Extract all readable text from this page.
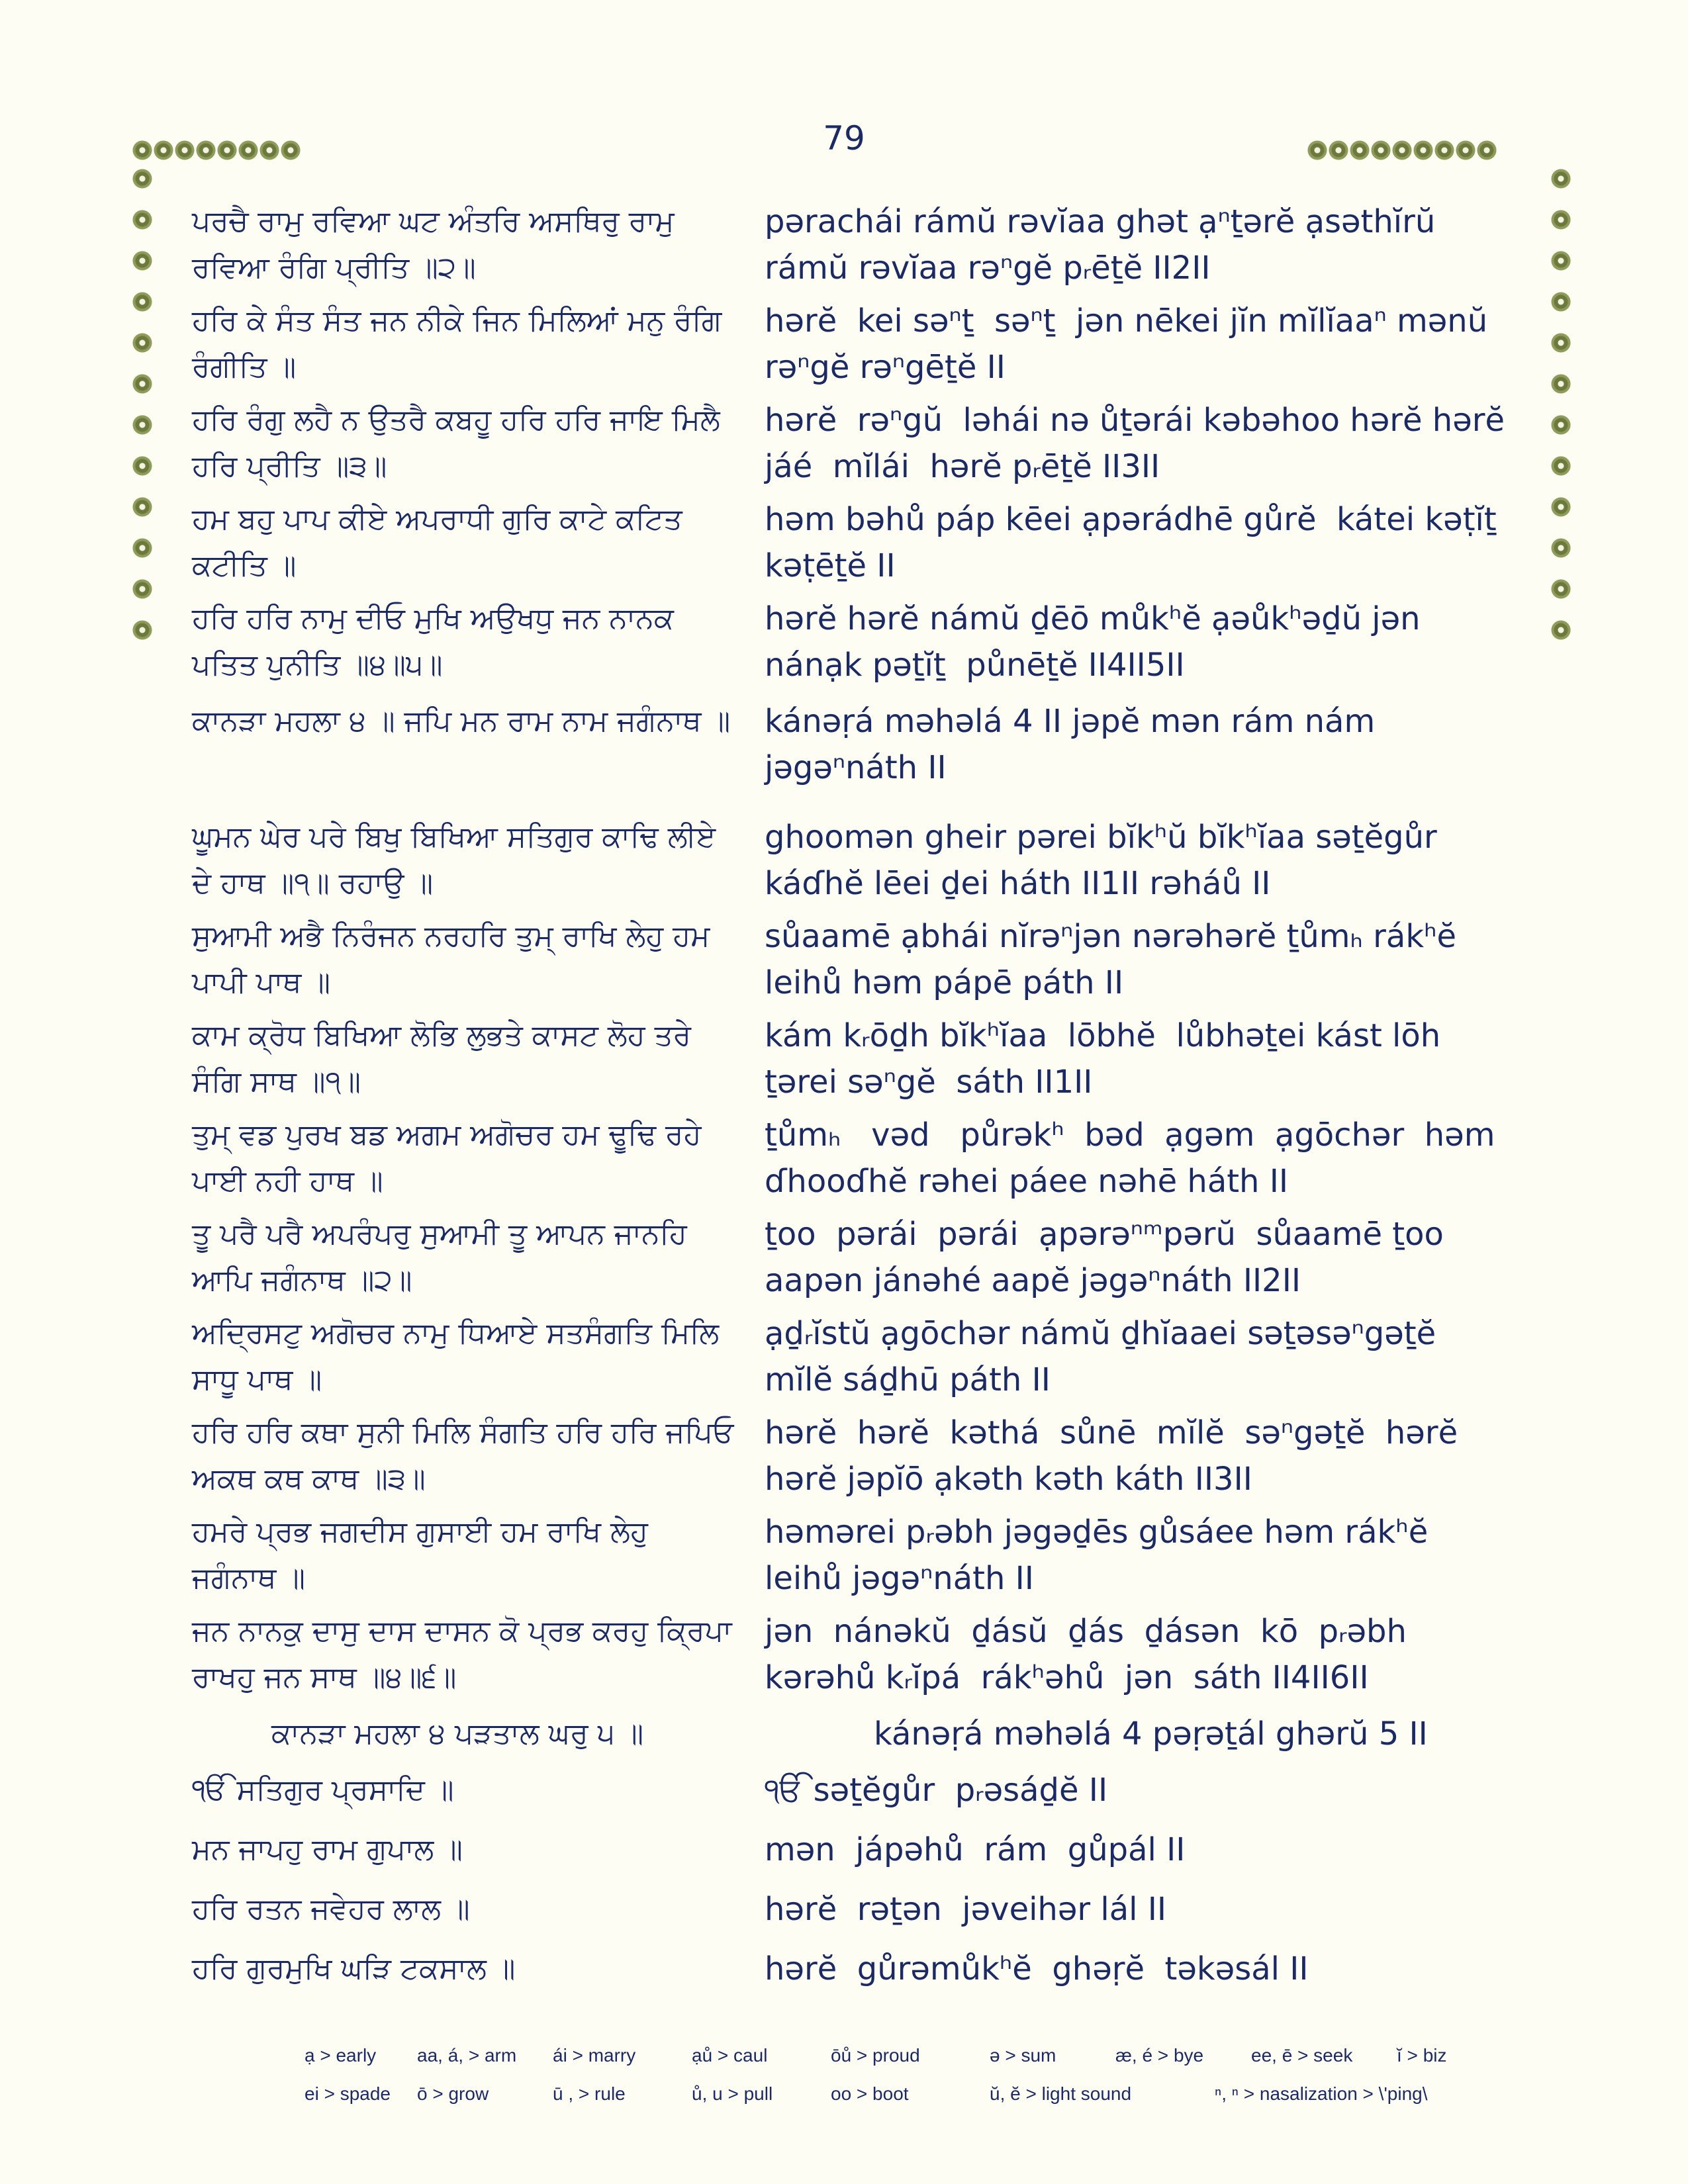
79
ਪਰਚੈ ਰਾਮੁ ਰਵਿਆ ਘਟ ਅੰਤਰਿ ਅਸਥਿਰੁ ਰਾਮੁ ਰਵਿਆ ਰੰਗਿ ਪ੍ਰੀਤਿ ॥੨॥
pərachái rámŭ rəvĭaa ghət ạⁿṯərĕ ạsəthĭrŭ rámŭ rəvĭaa rəⁿgĕ pᵣēṯĕ II2II
ਹਰਿ ਕੇ ਸੰਤ ਸੰਤ ਜਨ ਨੀਕੇ ਜਿਨ ਮਿਲਿਆਂ ਮਨੁ ਰੰਗਿ ਰੰਗੀਤਿ ॥
hərĕ  kei səⁿṯ  səⁿṯ  jən nēkei jĭn mĭlĭaaⁿ mənŭ rəⁿgĕ rəⁿgēṯĕ II
ਹਰਿ ਰੰਗੁ ਲਹੈ ਨ ਉਤਰੈ ਕਬਹੂ ਹਰਿ ਹਰਿ ਜਾਇ ਮਿਲੈ ਹਰਿ ਪ੍ਰੀਤਿ ॥੩॥
hərĕ  rəⁿgŭ  ləhái nə ůṯərái kəbəhoo hərĕ hərĕ jáé  mĭlái  hərĕ pᵣēṯĕ II3II
ਹਮ ਬਹੁ ਪਾਪ ਕੀਏ ਅਪਰਾਧੀ ਗੁਰਿ ਕਾਟੇ ਕਟਿਤ ਕਟੀਤਿ ॥
həm bəhů páp kēei ạpərádhē gůrĕ  kátei kəṭĭṯ kəṭēṯĕ II
ਹਰਿ ਹਰਿ ਨਾਮੁ ਦੀਓ ਮੁਖਿ ਅਉਖਧੁ ਜਨ ਨਾਨਕ ਪਤਿਤ ਪੁਨੀਤਿ ॥੪॥੫॥
hərĕ hərĕ námŭ ḏēō můkʰĕ ạəůkʰəḏŭ jən nánạk pəṯĭṯ  půnēṯĕ II4II5II
ਕਾਨੜਾ ਮਹਲਾ ੪ ॥ ਜਪਿ ਮਨ ਰਾਮ ਨਾਮ ਜਗੰਨਾਥ ॥ kánəṛá məhəlá 4 II jəpĕ mən rám nám jəgəⁿnáth II
ਘੂਮਨ ਘੇਰ ਪਰੇ ਬਿਖੁ ਬਿਖਿਆ ਸਤਿਗੁਰ ਕਾਢਿ ਲੀਏ ਦੇ ਹਾਥ ॥੧॥ ਰਹਾਉ ॥
ghoomən gheir pərei bĭkʰŭ bĭkʰĭaa səṯĕgůr káɗhĕ lēei ḏei háth II1II rəháů II
ਸੁਆਮੀ ਅਭੈ ਨਿਰੰਜਨ ਨਰਹਰਿ ਤੁਮ੍ ਰਾਖਿ ਲੇਹੁ ਹਮ ਪਾਪੀ ਪਾਥ ॥
sůaamē ạbhái nĭrəⁿjən nərəhərĕ ṯůmₕ rákʰĕ leihů həm pápē páth II
ਕਾਮ ਕ੍ਰੋਧ ਬਿਖਿਆ ਲੋਭਿ ਲੁਭਤੇ ਕਾਸਟ ਲੋਹ ਤਰੇ ਸੰਗਿ ਸਾਥ ॥੧॥
kám kᵣōḏh bĭkʰĭaa  lōbhĕ  lůbhəṯei kást lōh ṯərei səⁿgĕ  sáth II1II
ਤੁਮ੍ ਵਡ ਪੁਰਖ ਬਡ ਅਗਮ ਅਗੋਚਰ ਹਮ ਢੂਢਿ ਰਹੇ ਪਾਈ ਨਹੀ ਹਾਥ ॥
ṯůmₕ   vəd   půrəkʰ  bəd  ạgəm  ạgōchər  həm ɗhooɗhĕ rəhei páee nəhē háth II
ਤੂ ਪਰੈ ਪਰੈ ਅਪਰੰਪਰੁ ਸੁਆਮੀ ਤੂ ਆਪਨ ਜਾਨਹਿ ਆਪਿ ਜਗੰਨਾਥ ॥੨॥
ṯoo  pərái  pərái  ạpərəⁿᵐpərŭ  sůaamē ṯoo aapən jánəhé aapĕ jəgəⁿnáth II2II
ਅਦ੍ਰਿਸਟੁ ਅਗੋਚਰ ਨਾਮੁ ਧਿਆਏ ਸਤਸੰਗਤਿ ਮਿਲਿ ਸਾਧੂ ਪਾਥ ॥
ạḏᵣĭstŭ ạgōchər námŭ ḏhĭaaei səṯəsəⁿgəṯĕ mĭlĕ sáḏhū páth II
ਹਰਿ ਹਰਿ ਕਥਾ ਸੁਨੀ ਮਿਲਿ ਸੰਗਤਿ ਹਰਿ ਹਰਿ ਜਪਿਓ ਅਕਥ ਕਥ ਕਾਥ ॥੩॥
hərĕ  hərĕ  kəthá  sůnē  mĭlĕ  səⁿgəṯĕ  hərĕ  hərĕ jəpĭō ạkəth kəth káth II3II
ਹਮਰੇ ਪ੍ਰਭ ਜਗਦੀਸ ਗੁਸਾਈ ਹਮ ਰਾਖਿ ਲੇਹੁ ਜਗੰਨਾਥ ॥
həmərei pᵣəbh jəgəḏēs gůsáee həm rákʰĕ leihů jəgəⁿnáth II
ਜਨ ਨਾਨਕੁ ਦਾਸੁ ਦਾਸ ਦਾਸਨ ਕੋ ਪ੍ਰਭ ਕਰਹੁ ਕ੍ਰਿਪਾ ਰਾਖਹੁ ਜਨ ਸਾਥ ॥੪॥੬॥
jən  nánəkŭ  ḏásŭ  ḏás  ḏásən  kō  pᵣəbh  kərəhů kᵣĭpá  rákʰəhů  jən  sáth II4II6II
ਕਾਨੜਾ ਮਹਲਾ ੪ ਪੜਤਾਲ ਘਰੁ ੫ ॥	kánəṛá məhəlá 4 pəṛəṯál ghərŭ 5 II
ੴ ਸਤਿਗੁਰ ਪ੍ਰਸਾਦਿ ॥	ੴ səṯĕgůr  pᵣəsáḏĕ II
ਮਨ ਜਾਪਹੁ ਰਾਮ ਗੁਪਾਲ ॥	mən  jápəhů  rám  gůpál II
ਹਰਿ ਰਤਨ ਜਵੇਹਰ ਲਾਲ ॥	hərĕ  rəṯən  jəveihər lál II
ਹਰਿ ਗੁਰਮੁਖਿ ਘੜਿ ਟਕਸਾਲ ॥	hərĕ  gůrəmůkʰĕ  ghəṛĕ  təkəsál II
ạ > early aa, á, > arm ái > marry	ạů > caul	ōů > proud	ə > sum	æ, é > bye	ee, ē > seek ĭ > biz
ei > spade ō > grow	ū , > rule	ů, u > pull	oo > boot	ŭ, ĕ > light sound	ⁿ, ⁿ > nasalization > \'ping\
